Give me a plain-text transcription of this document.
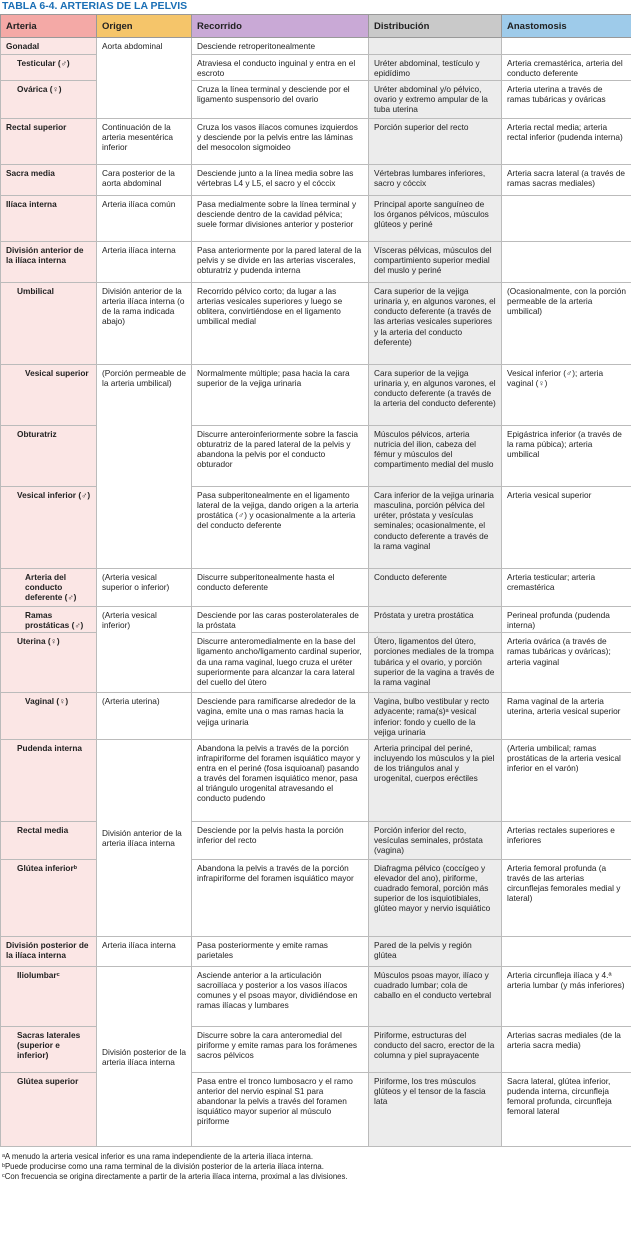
TABLA 6-4. ARTERIAS DE LA PELVIS
Arteria	Origen	Recorrido	Distribución	Anastomosis
Gonadal	Aorta abdominal	Desciende retroperitonealmente		
Testicular (♂)		Atraviesa el conducto inguinal y entra en el escroto	Uréter abdominal, testículo y epidídimo	Arteria cremastérica, arteria del conducto deferente
Ovárica (♀)		Cruza la línea terminal y desciende por el ligamento suspensorio del ovario	Uréter abdominal y/o pélvico, ovario y extremo ampular de la tuba uterina	Arteria uterina a través de ramas tubáricas y ováricas
Rectal superior	Continuación de la arteria mesentérica inferior	Cruza los vasos ilíacos comunes izquierdos y desciende por la pelvis entre las láminas del mesocolon sigmoideo	Porción superior del recto	Arteria rectal media; arteria rectal inferior (pudenda interna)
Sacra media	Cara posterior de la aorta abdominal	Desciende junto a la línea media sobre las vértebras L4 y L5, el sacro y el cóccix	Vértebras lumbares inferiores, sacro y cóccix	Arteria sacra lateral (a través de ramas sacras mediales)
Ilíaca interna	Arteria ilíaca común	Pasa medialmente sobre la línea terminal y desciende dentro de la cavidad pélvica; suele formar divisiones anterior y posterior	Principal aporte sanguíneo de los órganos pélvicos, músculos glúteos y periné	
División anterior de la ilíaca interna	Arteria ilíaca interna	Pasa anteriormente por la pared lateral de la pelvis y se divide en las arterias viscerales, obturatriz y pudenda interna	Vísceras pélvicas, músculos del compartimiento superior medial del muslo y periné	
Umbilical	División anterior de la arteria ilíaca interna (o de la rama indicada abajo)	Recorrido pélvico corto; da lugar a las arterias vesicales superiores y luego se oblitera, convirtiéndose en el ligamento umbilical medial	Cara superior de la vejiga urinaria y, en algunos varones, el conducto deferente (a través de las arterias vesicales superiores y la arteria del conducto deferente)	(Ocasionalmente, con la porción permeable de la arteria umbilical)
Vesical superior	(Porción permeable de la arteria umbilical)	Normalmente múltiple; pasa hacia la cara superior de la vejiga urinaria	Cara superior de la vejiga urinaria y, en algunos varones, el conducto deferente (a través de la arteria del conducto deferente)	Vesical inferior (♂); arteria vaginal (♀)
Obturatriz		Discurre anteroinferiormente sobre la fascia obturatriz de la pared lateral de la pelvis y abandona la pelvis por el conducto obturador	Músculos pélvicos, arteria nutricia del ilion, cabeza del fémur y músculos del compartimento medial del muslo	Epigástrica inferior (a través de la rama púbica); arteria umbilical
Vesical inferior (♂)		Pasa subperitonealmente en el ligamento lateral de la vejiga, dando origen a la arteria prostática (♂) y ocasionalmente a la arteria del conducto deferente	Cara inferior de la vejiga urinaria masculina, porción pélvica del uréter, próstata y vesículas seminales; ocasionalmente, el conducto deferente a través de la rama vaginal	Arteria vesical superior
Arteria del conducto deferente (♂)	(Arteria vesical superior o inferior)	Discurre subperitonealmente hasta el conducto deferente	Conducto deferente	Arteria testicular; arteria cremastérica
Ramas prostáticas (♂)	(Arteria vesical inferior)	Desciende por las caras posterolaterales de la próstata	Próstata y uretra prostática	Perineal profunda (pudenda interna)
Uterina (♀)		Discurre anteromedialmente en la base del ligamento ancho/ligamento cardinal superior, da una rama vaginal, luego cruza el uréter superiormente para alcanzar la cara lateral del cuello del útero	Útero, ligamentos del útero, porciones mediales de la trompa tubárica y el ovario, y porción superior de la vagina a través de la rama vaginal	Arteria ovárica (a través de ramas tubáricas y ováricas); arteria vaginal
Vaginal (♀)	(Arteria uterina)	Desciende para ramificarse alrededor de la vagina, emite una o mas ramas hacia la vejiga urinaria	Vagina, bulbo vestibular y recto adyacente; rama(s)ᵃ vesical inferior: fondo y cuello de la vejiga urinaria	Rama vaginal de la arteria uterina, arteria vesical superior
Pudenda interna	División anterior de la arteria ilíaca interna	Abandona la pelvis a través de la porción infrapiriforme del foramen isquiático mayor y entra en el periné (fosa isquioanal) pasando a través del foramen isquiático menor, pasa al triángulo urogenital atravesando el conducto pudendo	Arteria principal del periné, incluyendo los músculos y la piel de los triángulos anal y urogenital, cuerpos eréctiles	(Arteria umbilical; ramas prostáticas de la arteria vesical inferior en el varón)
Rectal media		Desciende por la pelvis hasta la porción inferior del recto	Porción inferior del recto, vesículas seminales, próstata (vagina)	Arterias rectales superiores e inferiores
Glútea inferiorᵇ		Abandona la pelvis a través de la porción infrapiriforme del foramen isquiático mayor	Diafragma pélvico (coccígeo y elevador del ano), piriforme, cuadrado femoral, porción más superior de los isquiotibiales, glúteo mayor y nervio isquiático	Arteria femoral profunda (a través de las arterias circunflejas femorales medial y lateral)
División posterior de la ilíaca interna	Arteria ilíaca interna	Pasa posteriormente y emite ramas parietales	Pared de la pelvis y región glútea	
Iliolumbarᶜ	División posterior de la arteria ilíaca interna	Asciende anterior a la articulación sacroilíaca y posterior a los vasos ilíacos comunes y el psoas mayor, dividiéndose en ramas ilíacas y lumbares	Músculos psoas mayor, ilíaco y cuadrado lumbar; cola de caballo en el conducto vertebral	Arteria circunfleja ilíaca y 4.ª arteria lumbar (y más inferiores)
Sacras laterales (superior e inferior)		Discurre sobre la cara anteromedial del piriforme y emite ramas para los forámenes sacros pélvicos	Piriforme, estructuras del conducto del sacro, erector de la columna y piel suprayacente	Arterias sacras mediales (de la arteria sacra media)
Glútea superior		Pasa entre el tronco lumbosacro y el ramo anterior del nervio espinal S1 para abandonar la pelvis a través del foramen isquiático mayor superior al músculo piriforme	Piriforme, los tres músculos glúteos y el tensor de la fascia lata	Sacra lateral, glútea inferior, pudenda interna, circunfleja femoral profunda, circunfleja femoral lateral
ᵃA menudo la arteria vesical inferior es una rama independiente de la arteria ilíaca interna.
ᵇPuede producirse como una rama terminal de la división posterior de la arteria ilíaca interna.
ᶜCon frecuencia se origina directamente a partir de la arteria ilíaca interna, proximal a las divisiones.
